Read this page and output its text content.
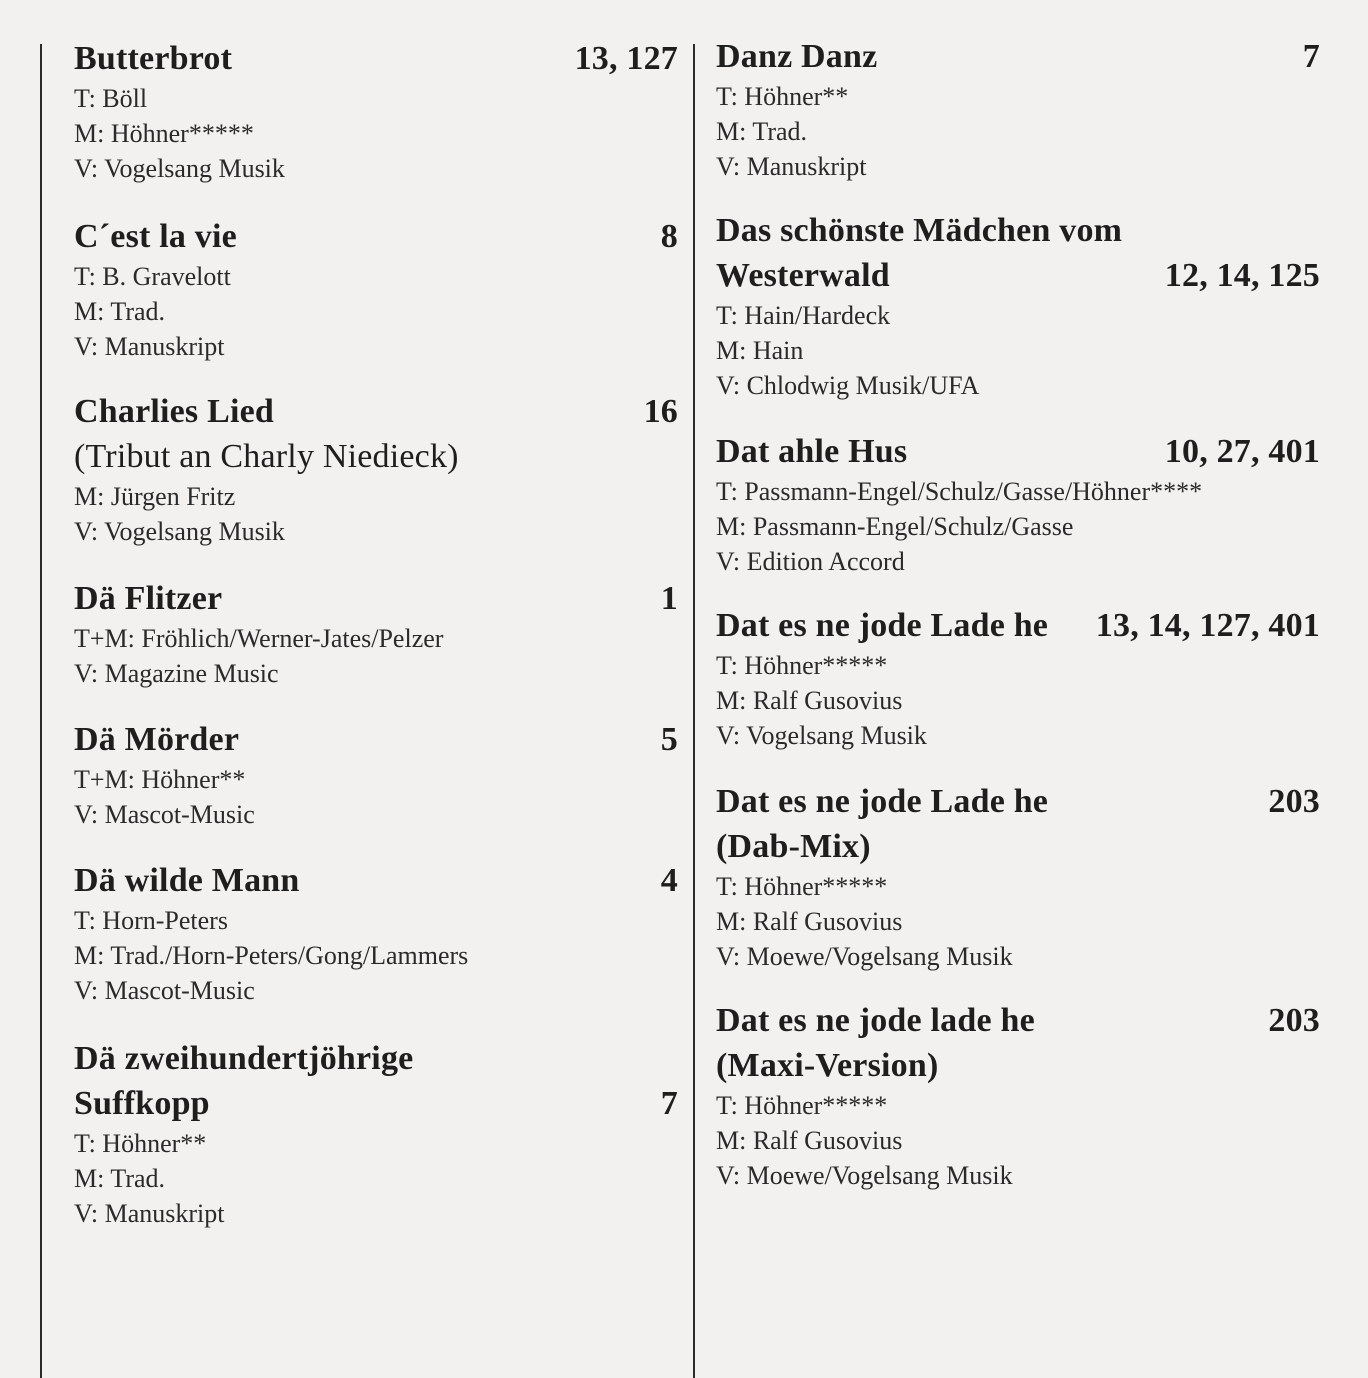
Butterbrot	13, 127
T: Böll
M: Höhner*****
V: Vogelsang Musik
C´est la vie	8
T: B. Gravelott
M: Trad.
V: Manuskript
Charlies Lied	16
(Tribut an Charly Niedieck)
M: Jürgen Fritz
V: Vogelsang Musik
Dä Flitzer	1
T+M: Fröhlich/Werner-Jates/Pelzer
V: Magazine Music
Dä Mörder	5
T+M: Höhner**
V: Mascot-Music
Dä wilde Mann	4
T: Horn-Peters
M: Trad./Horn-Peters/Gong/Lammers
V: Mascot-Music
Dä zweihundertjöhrige
Suffkopp	7
T: Höhner**
M: Trad.
V: Manuskript
Danz Danz	7
T: Höhner**
M: Trad.
V: Manuskript
Das schönste Mädchen vom
Westerwald	12, 14, 125
T: Hain/Hardeck
M: Hain
V: Chlodwig Musik/UFA
Dat ahle Hus	10, 27, 401
T: Passmann-Engel/Schulz/Gasse/Höhner****
M: Passmann-Engel/Schulz/Gasse
V: Edition Accord
Dat es ne jode Lade he 13, 14, 127, 401
T: Höhner*****
M: Ralf Gusovius
V: Vogelsang Musik
Dat es ne jode Lade he	203
(Dab-Mix)
T: Höhner*****
M: Ralf Gusovius
V: Moewe/Vogelsang Musik
Dat es ne jode lade he	203
(Maxi-Version)
T: Höhner*****
M: Ralf Gusovius
V: Moewe/Vogelsang Musik
